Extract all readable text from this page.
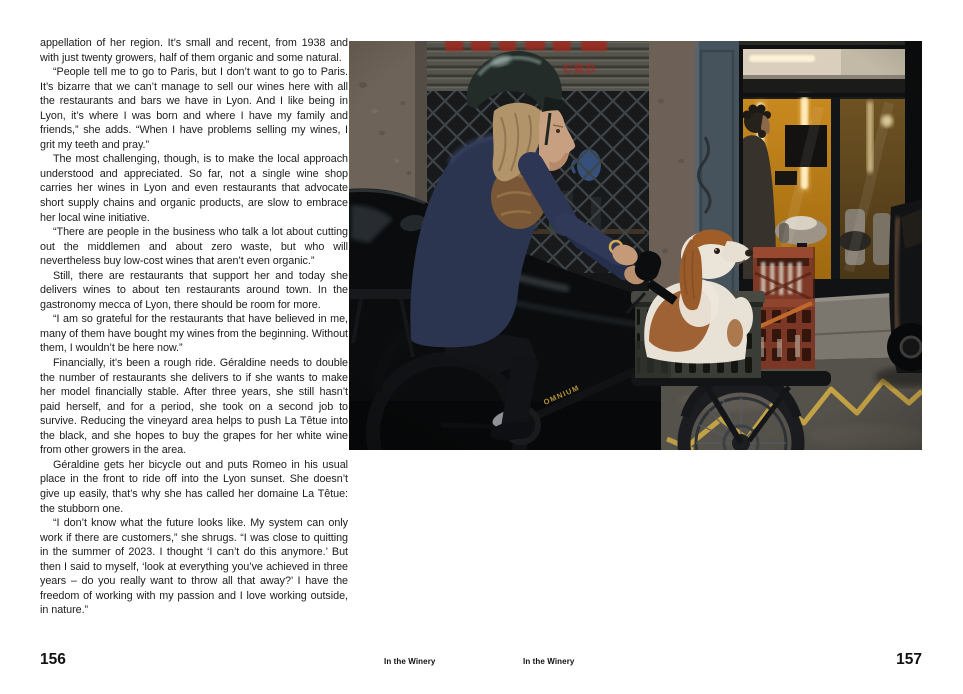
appellation of her region. It’s small and recent, from 1938 and with just twenty growers, half of them organic and some natural.

“People tell me to go to Paris, but I don’t want to go to Paris. It’s bizarre that we can’t manage to sell our wines here with all the restaurants and bars we have in Lyon. And I like being in Lyon, it’s where I was born and where I have my family and friends,” she adds. “When I have problems selling my wines, I grit my teeth and pray.”

The most challenging, though, is to make the local approach understood and appreciated. So far, not a single wine shop carries her wines in Lyon and even restaurants that advocate short supply chains and organic products, are slow to embrace her local wine initiative.

“There are people in the business who talk a lot about cutting out the middlemen and about zero waste, but who will nevertheless buy low-cost wines that aren’t even organic.”

Still, there are restaurants that support her and today she delivers wines to about ten restaurants around town. In the gastronomy mecca of Lyon, there should be room for more.

“I am so grateful for the restaurants that have believed in me, many of them have bought my wines from the beginning. Without them, I wouldn’t be here now.”

Financially, it’s been a rough ride. Géraldine needs to double the number of restaurants she delivers to if she wants to make her model financially stable. After three years, she still hasn’t paid herself, and for a period, she took on a second job to survive. Reducing the vineyard area helps to push La Têtue into the black, and she hopes to buy the grapes for her white wine from other growers in the area.

Géraldine gets her bicycle out and puts Romeo in his usual place in the front to ride off into the Lyon sunset. She doesn’t give up easily, that’s why she has called her domaine La Têtue: the stubborn one.

“I don’t know what the future looks like. My system can only work if there are customers,” she shrugs. “I was close to quitting in the summer of 2023. I thought ‘I can’t do this anymore.’ But then I said to myself, ‘look at everything you’ve achieved in three years – do you really want to throw all that away?’ I have the freedom of working with my passion and I love working outside, in nature.”

156	In the Winery	In the Winery	157
